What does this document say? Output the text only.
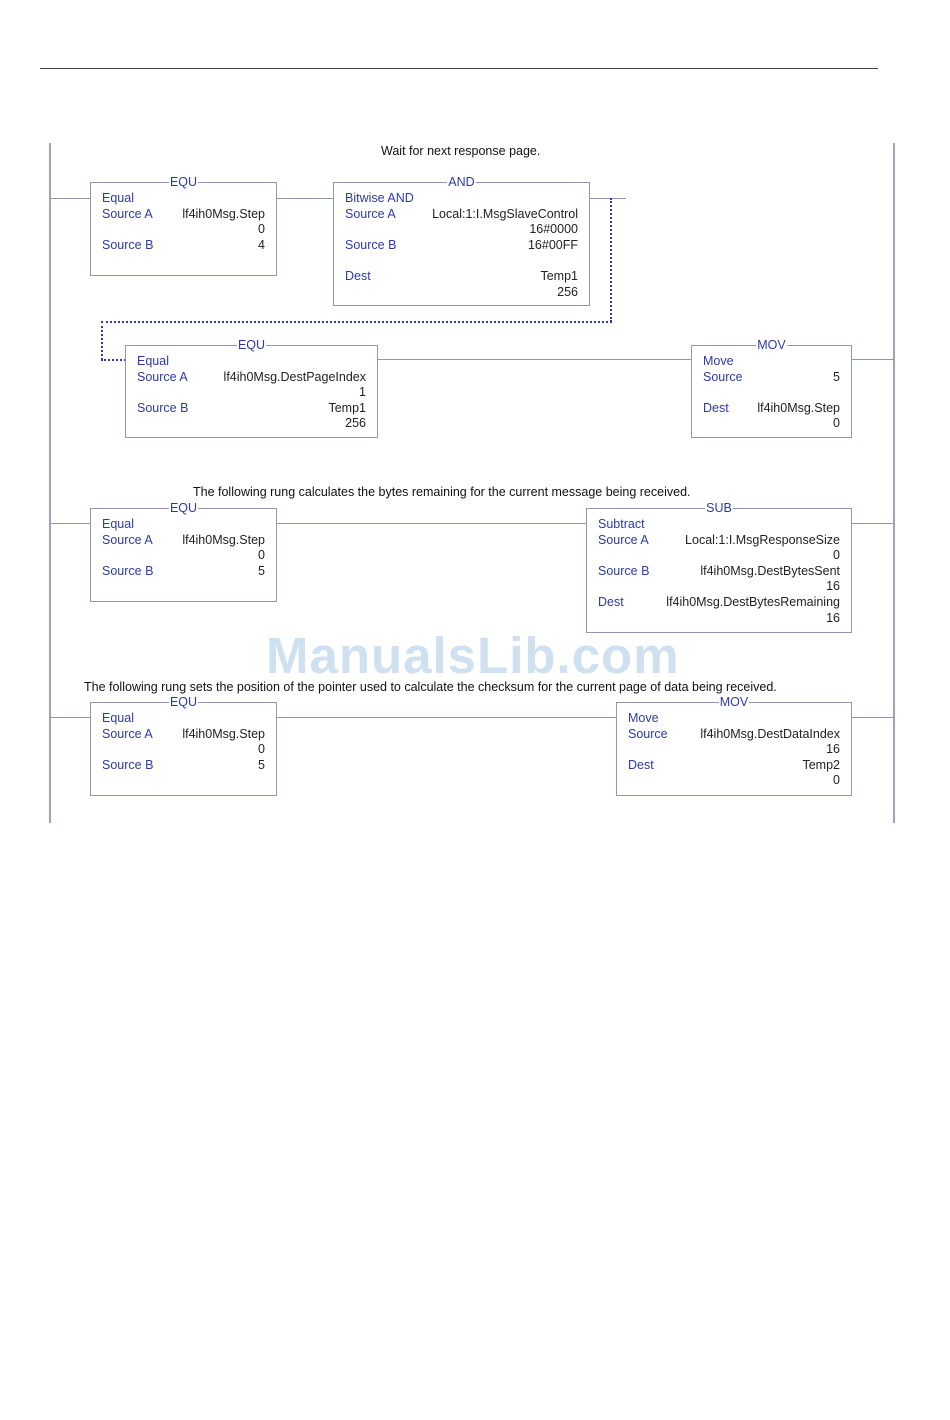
Wait for next response page.
EQU
Equal
Source A lf4ih0Msg.Step
0
Source B	4
AND
Bitwise AND
Source A	Local:1:I.MsgSlaveControl
16#0000
Source B	16#00FF
Dest	Temp1
256
EQU
Equal
Source A	lf4ih0Msg.DestPageIndex
1
Source B	Temp1
256
MOV
Move
Source	5
Dest lf4ih0Msg.Step
0
The following rung calculates the bytes remaining for the current message being received.
EQU
Equal
Source A lf4ih0Msg.Step
0
Source B	5
SUB
Subtract
Source A	Local:1:I.MsgResponseSize
0
Source B	lf4ih0Msg.DestBytesSent
16
Dest	lf4ih0Msg.DestBytesRemaining
16
ManualsLib.com
The following rung sets the position of the pointer used to calculate the checksum for the current page of data being received.
EQU
Equal
Source A lf4ih0Msg.Step
0
Source B	5
MOV
Move
Source	lf4ih0Msg.DestDataIndex
16
Dest	Temp2
0
